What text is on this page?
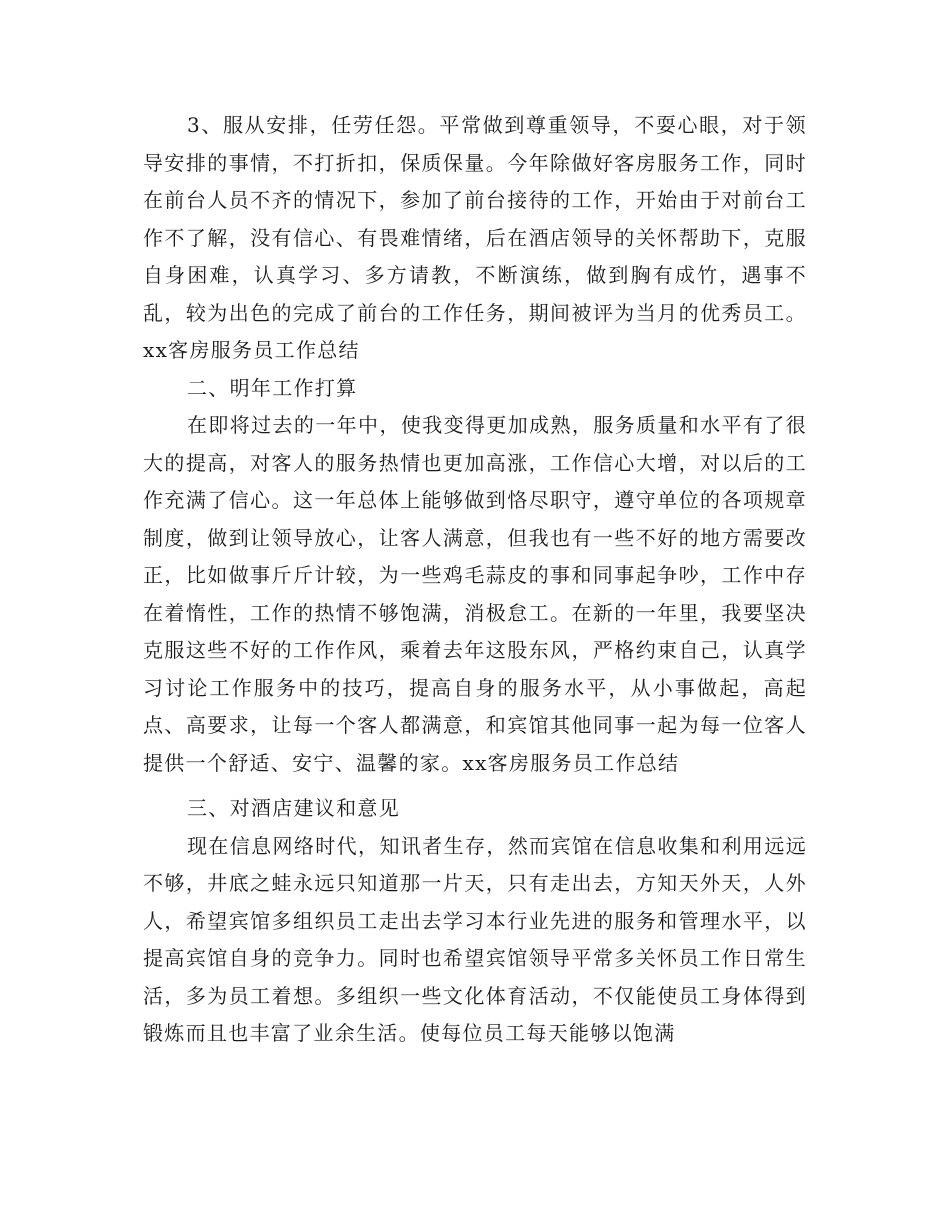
3、服从安排，任劳任怨。平常做到尊重领导，不耍心眼，对于领导安排的事情，不打折扣，保质保量。今年除做好客房服务工作，同时在前台人员不齐的情况下，参加了前台接待的工作，开始由于对前台工作不了解，没有信心、有畏难情绪，后在酒店领导的关怀帮助下，克服自身困难，认真学习、多方请教，不断演练，做到胸有成竹，遇事不乱，较为出色的完成了前台的工作任务，期间被评为当月的优秀员工。xx客房服务员工作总结

二、明年工作打算

在即将过去的一年中，使我变得更加成熟，服务质量和水平有了很大的提高，对客人的服务热情也更加高涨，工作信心大增，对以后的工作充满了信心。这一年总体上能够做到恪尽职守，遵守单位的各项规章制度，做到让领导放心，让客人满意，但我也有一些不好的地方需要改正，比如做事斤斤计较，为一些鸡毛蒜皮的事和同事起争吵，工作中存在着惰性，工作的热情不够饱满，消极怠工。在新的一年里，我要坚决克服这些不好的工作作风，乘着去年这股东风，严格约束自己，认真学习讨论工作服务中的技巧，提高自身的服务水平，从小事做起，高起点、高要求，让每一个客人都满意，和宾馆其他同事一起为每一位客人提供一个舒适、安宁、温馨的家。xx客房服务员工作总结

三、对酒店建议和意见

现在信息网络时代，知讯者生存，然而宾馆在信息收集和利用远远不够，井底之蛙永远只知道那一片天，只有走出去，方知天外天，人外人，希望宾馆多组织员工走出去学习本行业先进的服务和管理水平，以提高宾馆自身的竞争力。同时也希望宾馆领导平常多关怀员工作日常生活，多为员工着想。多组织一些文化体育活动，不仅能使员工身体得到锻炼而且也丰富了业余生活。使每位员工每天能够以饱满
